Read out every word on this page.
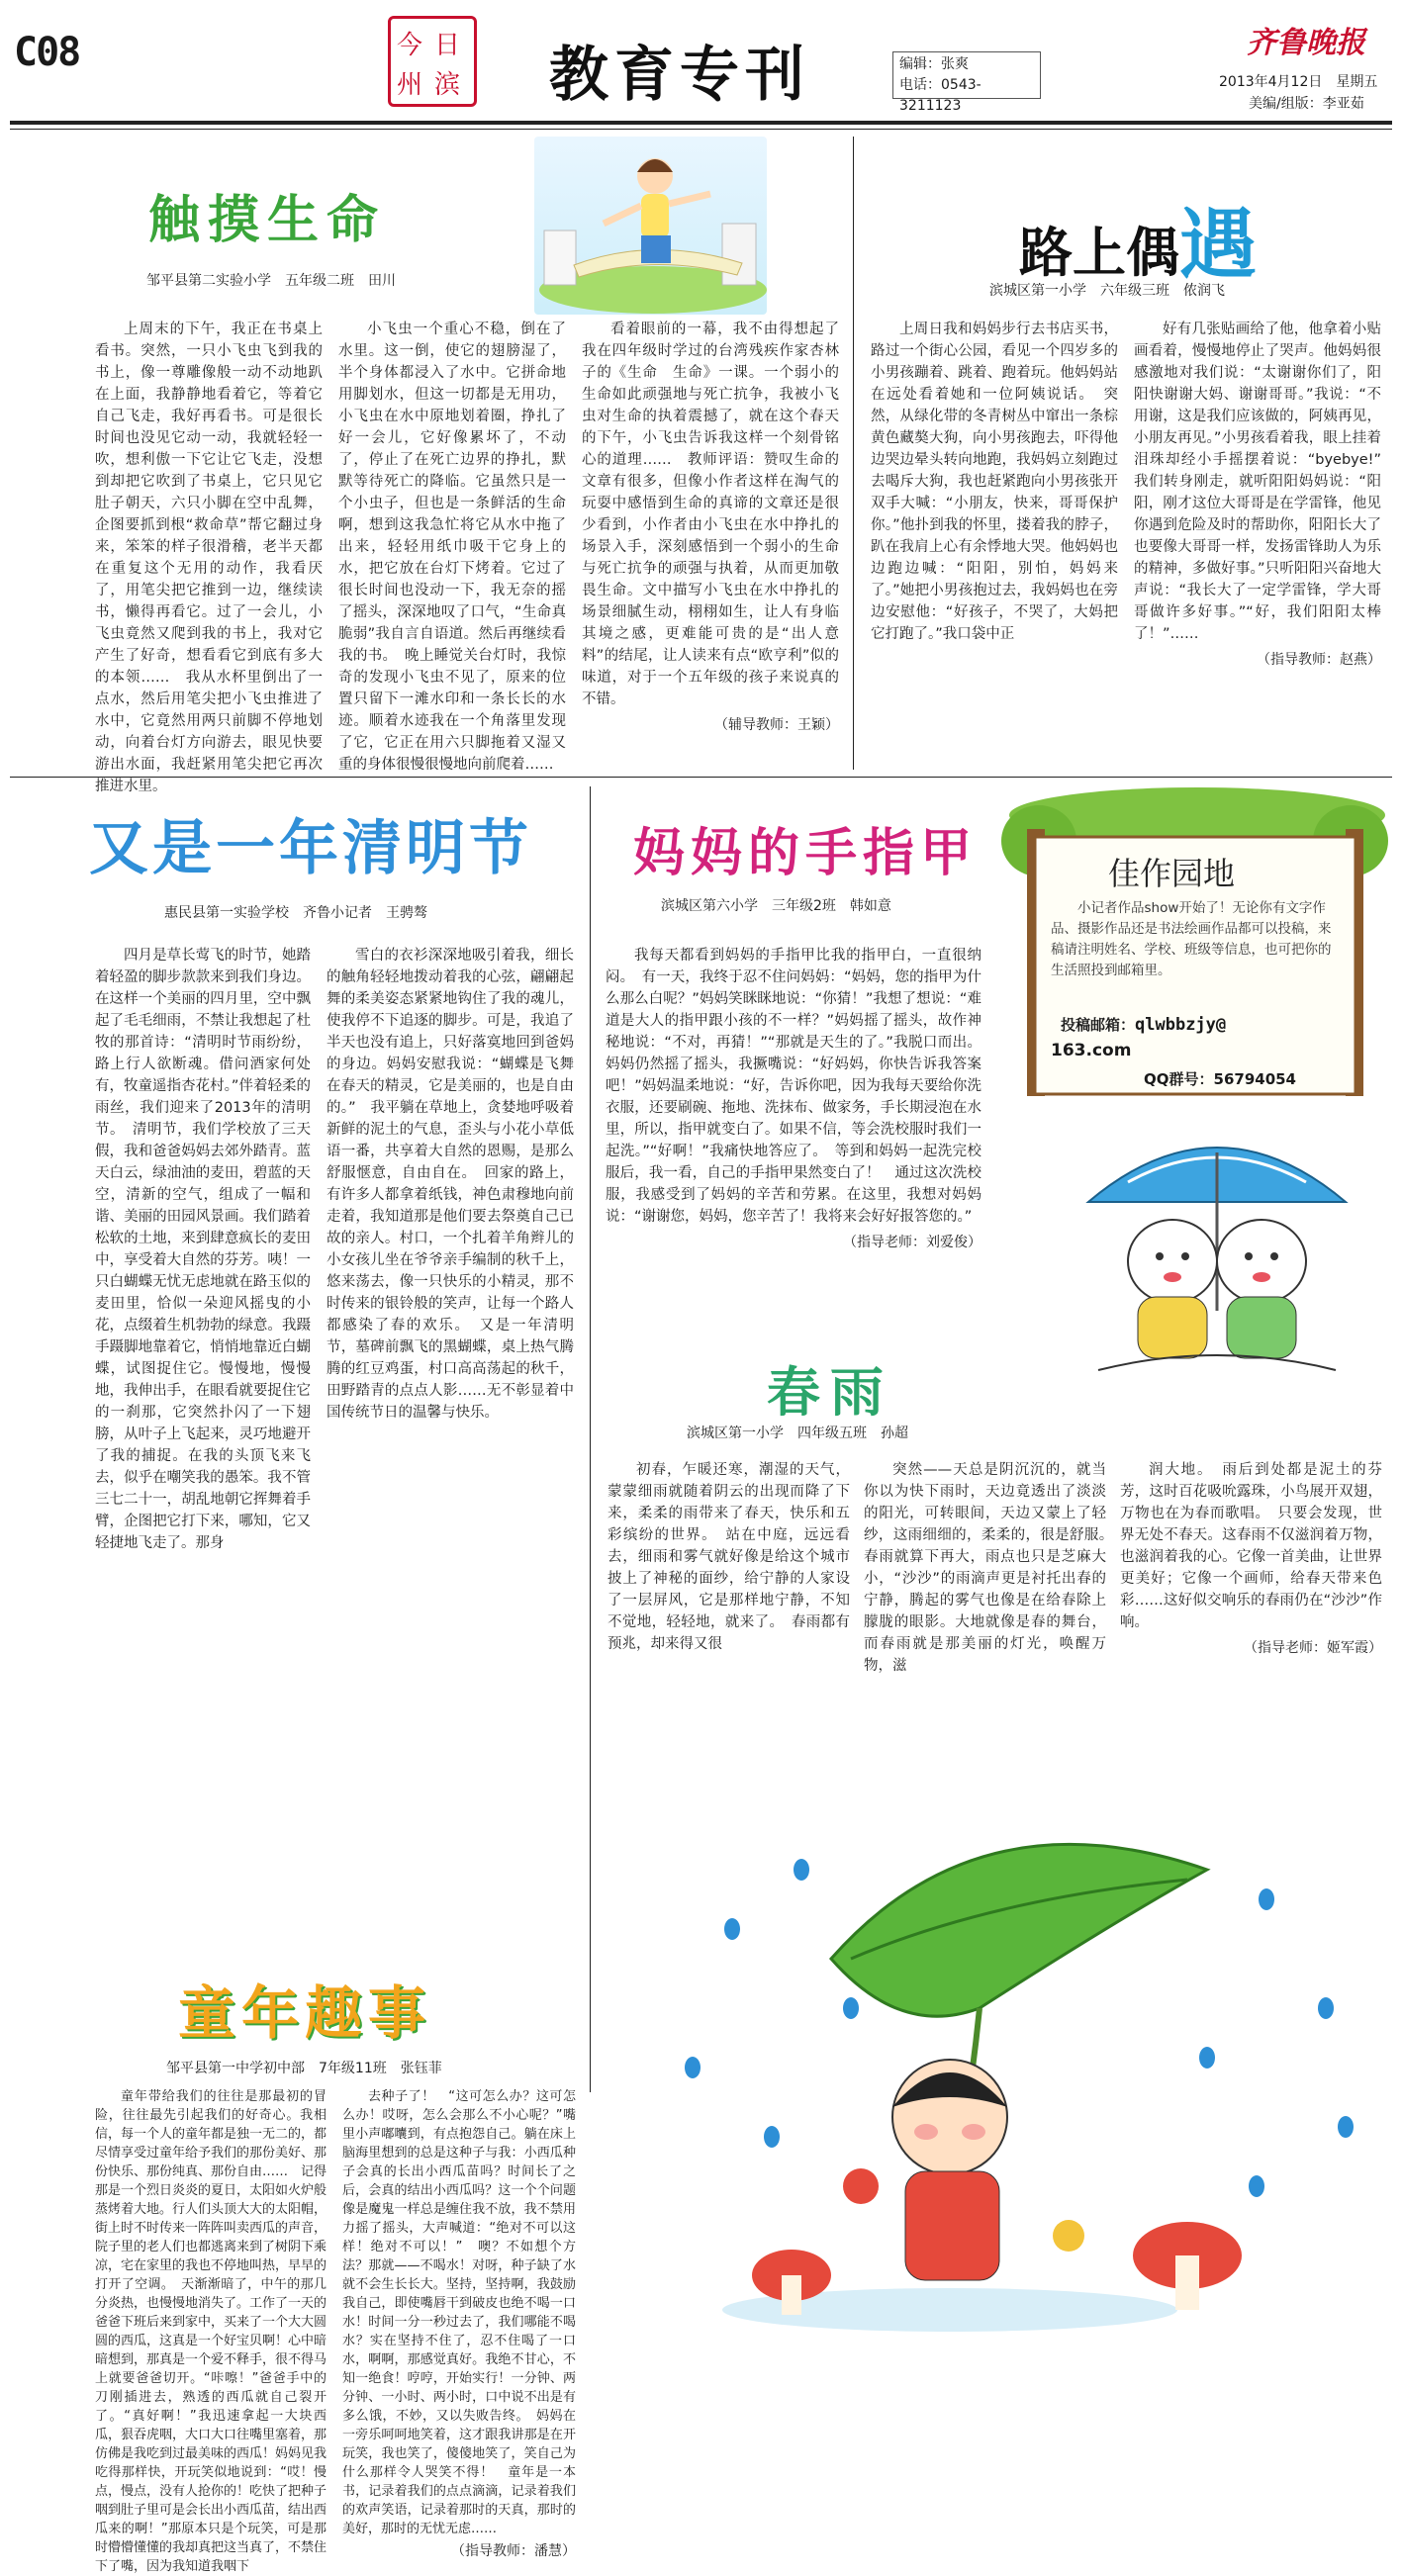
C08	今 日
州 滨 教育专刊	编辑：张爽
电话：0543-3211123
齐鲁晚报
2013年4月12日　星期五
美编/组版：李亚茹
触摸生命
邹平县第二实验小学　五年级二班　田川

上周末的下午，我正在书桌上看书。突然，一只小飞虫飞到我的书上，像一尊雕像般一动不动地趴在上面，我静静地看着它，等着它自己飞走，我好再看书。可是很长时间也没见它动一动，我就轻轻一吹，想利傲一下它让它飞走，没想到却把它吹到了书桌上，它只见它肚子朝天，六只小脚在空中乱舞，企图要抓到根“救命草”帮它翻过身来，笨笨的样子很滑稽，老半天都在重复这个无用的动作，我看厌了，用笔尖把它推到一边，继续读书，懒得再看它。过了一会儿，小飞虫竟然又爬到我的书上，我对它产生了好奇，想看看它到底有多大的本领……　我从水杯里倒出了一点水，然后用笔尖把小飞虫推进了水中，它竟然用两只前脚不停地划动，向着台灯方向游去，眼见快要游出水面，我赶紧用笔尖把它再次推进水里。

小飞虫一个重心不稳，倒在了水里。这一倒，使它的翅膀湿了，半个身体都浸入了水中。它拼命地用脚划水，但这一切都是无用功，小飞虫在水中原地划着圈，挣扎了好一会儿，它好像累坏了，不动了，停止了在死亡边界的挣扎，默默等待死亡的降临。它虽然只是一个小虫子，但也是一条鲜活的生命啊，想到这我急忙将它从水中拖了出来，轻轻用纸巾吸干它身上的水，把它放在台灯下烤着。它过了很长时间也没动一下，我无奈的摇了摇头，深深地叹了口气，“生命真脆弱”我自言自语道。然后再继续看我的书。　晚上睡觉关台灯时，我惊奇的发现小飞虫不见了，原来的位置只留下一滩水印和一条长长的水迹。顺着水迹我在一个角落里发现了它，它正在用六只脚拖着又湿又重的身体很慢很慢地向前爬着……

看着眼前的一幕，我不由得想起了我在四年级时学过的台湾残疾作家杏林子的《生命　生命》一课。一个弱小的生命如此顽强地与死亡抗争，我被小飞虫对生命的执着震撼了，就在这个春天的下午，小飞虫告诉我这样一个刻骨铭心的道理……　教师评语：赞叹生命的文章有很多，但像小作者这样在淘气的玩耍中感悟到生命的真谛的文章还是很少看到，小作者由小飞虫在水中挣扎的场景入手，深刻感悟到一个弱小的生命与死亡抗争的顽强与执着，从而更加敬畏生命。文中描写小飞虫在水中挣扎的场景细腻生动，栩栩如生，让人有身临其境之感，更难能可贵的是“出人意料”的结尾，让人读来有点“欧亨利”似的味道，对于一个五年级的孩子来说真的不错。

（辅导教师：王颖）
路上偶遇
滨城区第一小学　六年级三班　侬润飞

上周日我和妈妈步行去书店买书，路过一个街心公园，看见一个四岁多的小男孩蹦着、跳着、跑着玩。他妈妈站在远处看着她和一位阿姨说话。　突然，从绿化带的冬青树丛中窜出一条棕黄色藏獒大狗，向小男孩跑去，吓得他边哭边晕头转向地跑，我妈妈立刻跑过去喝斥大狗，我也赶紧跑向小男孩张开双手大喊：“小朋友，快来，哥哥保护你。”他扑到我的怀里，搂着我的脖子，趴在我肩上心有余悸地大哭。他妈妈也边跑边喊：“阳阳，别怕，妈妈来了。”她把小男孩抱过去，我妈妈也在旁边安慰他：“好孩子，不哭了，大妈把它打跑了。”我口袋中正

好有几张贴画给了他，他拿着小贴画看着，慢慢地停止了哭声。他妈妈很感激地对我们说：“太谢谢你们了，阳阳快谢谢大妈、谢谢哥哥。”我说：“不用谢，这是我们应该做的，阿姨再见，小朋友再见。”小男孩看着我，眼上挂着泪珠却经小手摇摆着说：“byebye!”　我们转身刚走，就听阳阳妈妈说：“阳阳，刚才这位大哥哥是在学雷锋，他见你遇到危险及时的帮助你，阳阳长大了也要像大哥哥一样，发扬雷锋助人为乐的精神，多做好事。”只听阳阳兴奋地大声说：“我长大了一定学雷锋，学大哥哥做许多好事。”“好，我们阳阳太棒了！”……

（指导教师：赵燕）
又是一年清明节
惠民县第一实验学校　齐鲁小记者　王骋骜

四月是草长莺飞的时节，她踏着轻盈的脚步款款来到我们身边。在这样一个美丽的四月里，空中飘起了毛毛细雨，不禁让我想起了杜牧的那首诗：“清明时节雨纷纷，路上行人欲断魂。借问酒家何处有，牧童遥指杏花村。”伴着轻柔的雨丝，我们迎来了2013年的清明节。　清明节，我们学校放了三天假，我和爸爸妈妈去郊外踏青。蓝天白云，绿油油的麦田，碧蓝的天空，清新的空气，组成了一幅和谐、美丽的田园风景画。我们踏着松软的土地，来到肆意疯长的麦田中，享受着大自然的芬芳。咦！一只白蝴蝶无忧无虑地就在路玉似的麦田里，恰似一朵迎风摇曳的小花，点缀着生机勃勃的绿意。我蹑手蹑脚地靠着它，悄悄地靠近白蝴蝶，试图捉住它。慢慢地，慢慢地，我伸出手，在眼看就要捉住它的一刹那，它突然扑闪了一下翅膀，从叶子上飞起来，灵巧地避开了我的捕捉。在我的头顶飞来飞去，似乎在嘲笑我的愚笨。我不管三七二十一，胡乱地朝它挥舞着手臂，企图把它打下来，哪知，它又轻捷地飞走了。那身

雪白的衣衫深深地吸引着我，细长的触角轻轻地拨动着我的心弦，翩翩起舞的柔美姿态紧紧地钩住了我的魂儿，使我停不下追逐的脚步。可是，我追了半天也没有追上，只好落寞地回到爸妈的身边。妈妈安慰我说：“蝴蝶是飞舞在春天的精灵，它是美丽的，也是自由的。”　我平躺在草地上，贪婪地呼吸着新鲜的泥土的气息，歪头与小花小草低语一番，共享着大自然的恩赐，是那么舒服惬意，自由自在。　回家的路上，有许多人都拿着纸钱，神色肃穆地向前走着，我知道那是他们要去祭奠自己已故的亲人。村口，一个扎着羊角辫儿的小女孩儿坐在爷爷亲手编制的秋千上，悠来荡去，像一只快乐的小精灵，那不时传来的银铃般的笑声，让每一个路人都感染了春的欢乐。　又是一年清明节，墓碑前飘飞的黑蝴蝶，桌上热气腾腾的红豆鸡蛋，村口高高荡起的秋千，田野踏青的点点人影……无不彰显着中国传统节日的温馨与快乐。

妈妈的手指甲
滨城区第六小学　三年级2班　韩如意

我每天都看到妈妈的手指甲比我的指甲白，一直很纳闷。　有一天，我终于忍不住问妈妈：“妈妈，您的指甲为什么那么白呢？”妈妈笑眯眯地说：“你猜！”我想了想说：“难道是大人的指甲跟小孩的不一样？”妈妈摇了摇头，故作神秘地说：“不对，再猜！”“那就是天生的了。”我脱口而出。妈妈仍然摇了摇头，我撅嘴说：“好妈妈，你快告诉我答案吧！”妈妈温柔地说：“好，告诉你吧，因为我每天要给你洗衣服，还要刷碗、拖地、洗抹布、做家务，手长期浸泡在水里，所以，指甲就变白了。如果不信，等会洗校服时我们一起洗。”“好啊！”我痛快地答应了。　等到和妈妈一起洗完校服后，我一看，自己的手指甲果然变白了！　通过这次洗校服，我感受到了妈妈的辛苦和劳累。在这里，我想对妈妈说：“谢谢您，妈妈，您辛苦了！我将来会好好报答您的。”

（指导老师：刘爱俊）
佳作园地
小记者作品show开始了！无论你有文字作品、摄影作品还是书法绘画作品都可以投稿，来稿请注明姓名、学校、班级等信息，也可把你的生活照投到邮箱里。
投稿邮箱：qlwbbzjy@
163.com
QQ群号：56794054
春雨
滨城区第一小学　四年级五班　孙超

初春，乍暖还寒，潮湿的天气，蒙蒙细雨就随着阴云的出现而降了下来，柔柔的雨带来了春天，快乐和五彩缤纷的世界。　站在中庭，远远看去，细雨和雾气就好像是给这个城市披上了神秘的面纱，给宁静的人家设了一层屏风，它是那样地宁静，不知不觉地，轻轻地，就来了。　春雨都有预兆，却来得又很

突然——天总是阴沉沉的，就当你以为快下雨时，天边竟透出了淡淡的阳光，可转眼间，天边又蒙上了轻纱，这雨细细的，柔柔的，很是舒服。　春雨就算下再大，雨点也只是芝麻大小，“沙沙”的雨滴声更是衬托出春的宁静，腾起的雾气也像是在给春除上朦胧的眼影。大地就像是春的舞台，而春雨就是那美丽的灯光，唤醒万物，滋

润大地。　雨后到处都是泥土的芬芳，这时百花吸吮露珠，小鸟展开双翅，万物也在为春而歌唱。　只要会发现，世界无处不春天。这春雨不仅滋润着万物，也滋润着我的心。它像一首美曲，让世界更美好；它像一个画师，给春天带来色彩……这好似交响乐的春雨仍在“沙沙”作响。

（指导老师：姬军霞）
童年趣事
邹平县第一中学初中部　7年级11班　张钰菲

童年带给我们的往往是那最初的冒险，往往最先引起我们的好奇心。我相信，每一个人的童年都是独一无二的，都尽情享受过童年给予我们的那份美好、那份快乐、那份纯真、那份自由……　记得那是一个烈日炎炎的夏日，太阳如火炉般蒸烤着大地。行人们头顶大大的太阳帽，街上时不时传来一阵阵叫卖西瓜的声音，院子里的老人们也都逃离来到了树阴下乘凉，宅在家里的我也不停地叫热，早早的打开了空调。　天渐渐暗了，中午的那几分炎热，也慢慢地消失了。工作了一天的爸爸下班后来到家中，买来了一个大大圆圆的西瓜，这真是一个好宝贝啊！心中暗暗想到，那真是一个爱不释手，很不得马上就要爸爸切开。“咔嚓！”爸爸手中的刀刚插进去，熟透的西瓜就自己裂开了。“真好啊！”我迅速拿起一大块西瓜，狠吞虎咽，大口大口往嘴里塞着，那仿佛是我吃到过最美味的西瓜！妈妈见我吃得那样快，开玩笑似地说到：“哎！慢点，慢点，没有人抢你的！吃快了把种子咽到肚子里可是会长出小西瓜苗，结出西瓜来的啊！”那原本只是个玩笑，可是那时懵懵懂懂的我却真把这当真了，不禁住下了嘴，因为我知道我咽下

去种子了！　“这可怎么办？这可怎么办！哎呀，怎么会那么不小心呢？”嘴里小声嘟囔到，有点抱怨自己。躺在床上脑海里想到的总是这种子与我：小西瓜种子会真的长出小西瓜苗吗？时间长了之后，会真的结出小西瓜吗？这一个个问题像是魔鬼一样总是缠住我不放，我不禁用力摇了摇头，大声喊道：“绝对不可以这样！绝对不可以！”　噢？不如想个方法？那就——不喝水！对呀，种子缺了水就不会生长长大。坚持，坚持啊，我鼓励我自己，即使嘴唇干到破皮也绝不喝一口水！时间一分一秒过去了，我们哪能不喝水？实在坚持不住了，忍不住喝了一口水，啊啊，那感觉真好。我绝不甘心，不知一绝食！哼哼，开始实行！一分钟、两分钟、一小时、两小时，口中说不出是有多么饿，不妙，又以失败告终。　妈妈在一旁乐呵呵地笑着，这才跟我讲那是在开玩笑，我也笑了，傻傻地笑了，笑自己为什么那样令人哭笑不得！　童年是一本书，记录着我们的点点滴滴，记录着我们的欢声笑语，记录着那时的天真，那时的美好，那时的无忧无虑……

（指导教师：潘慧）
